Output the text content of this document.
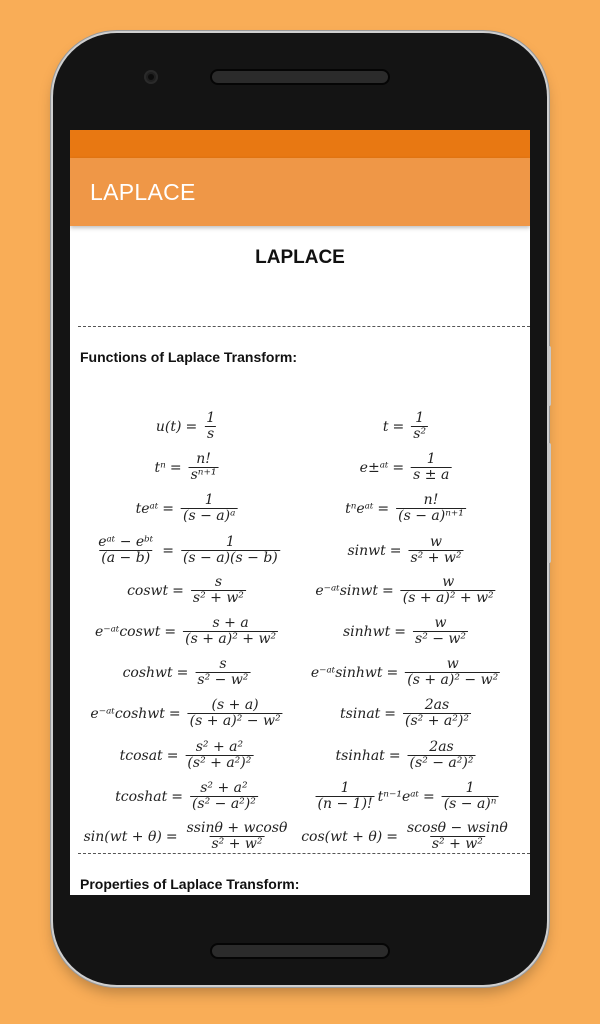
LAPLACE
LAPLACE
Functions of Laplace Transform:
$u(t) = \frac{1}{s}$
$t^n = \frac{n!}{\text{sⁿ⁺¹}}$
teᵃᵗ = $\frac{1}{\text{(s − a)ᵃ}}$
$\frac{\text{eᵃᵗ − eᵇᵗ}}{(a - b)} = \frac{1}{(s - a)(s - b)}$
coswt = $\frac{s}{\text{s² + w²}}$
e⁻ᵃᵗcoswt = $\frac{s + a}{\text{(s + a)² + w²}}$
coshwt = $\frac{s}{\text{s² − w²}}$
e⁻ᵃᵗcoshwt = $\frac{(s + a)}{\text{(s + a)² − w²}}$
tcosat = $\frac{\text{s² + a²}}{\text{(s² + a²)²}}$
tcoshat = $\frac{\text{s² + a²}}{\text{(s² − a²)²}}$
$\sin(wt + \theta) = \frac{ssin\theta + wcos\theta}{\text{s² + w²}}$
$t = \frac{1}{\text{s²}}$
e±ᵃᵗ = $\frac{1}{s \pm a}$
tⁿeᵃᵗ = $\frac{n!}{\text{(s − a)ⁿ⁺¹}}$
sinwt = $\frac{w}{\text{s² + w²}}$
e⁻ᵃᵗsinwt = $\frac{w}{\text{(s + a)² + w²}}$
sinhwt = $\frac{w}{\text{s² − w²}}$
e⁻ᵃᵗsinhwt = $\frac{w}{\text{(s + a)² − w²}}$
tsinat = $\frac{2as}{\text{(s² + a²)²}}$
tsinhat = $\frac{2as}{\text{(s² − a²)²}}$
$\frac{1}{(n - 1)!}$ tⁿ⁻¹eᵃᵗ = $\frac{1}{\text{(s − a)ⁿ}}$
$\cos(wt + \theta) = \frac{scos\theta - wsin\theta}{\text{s² + w²}}$
Properties of Laplace Transform:
